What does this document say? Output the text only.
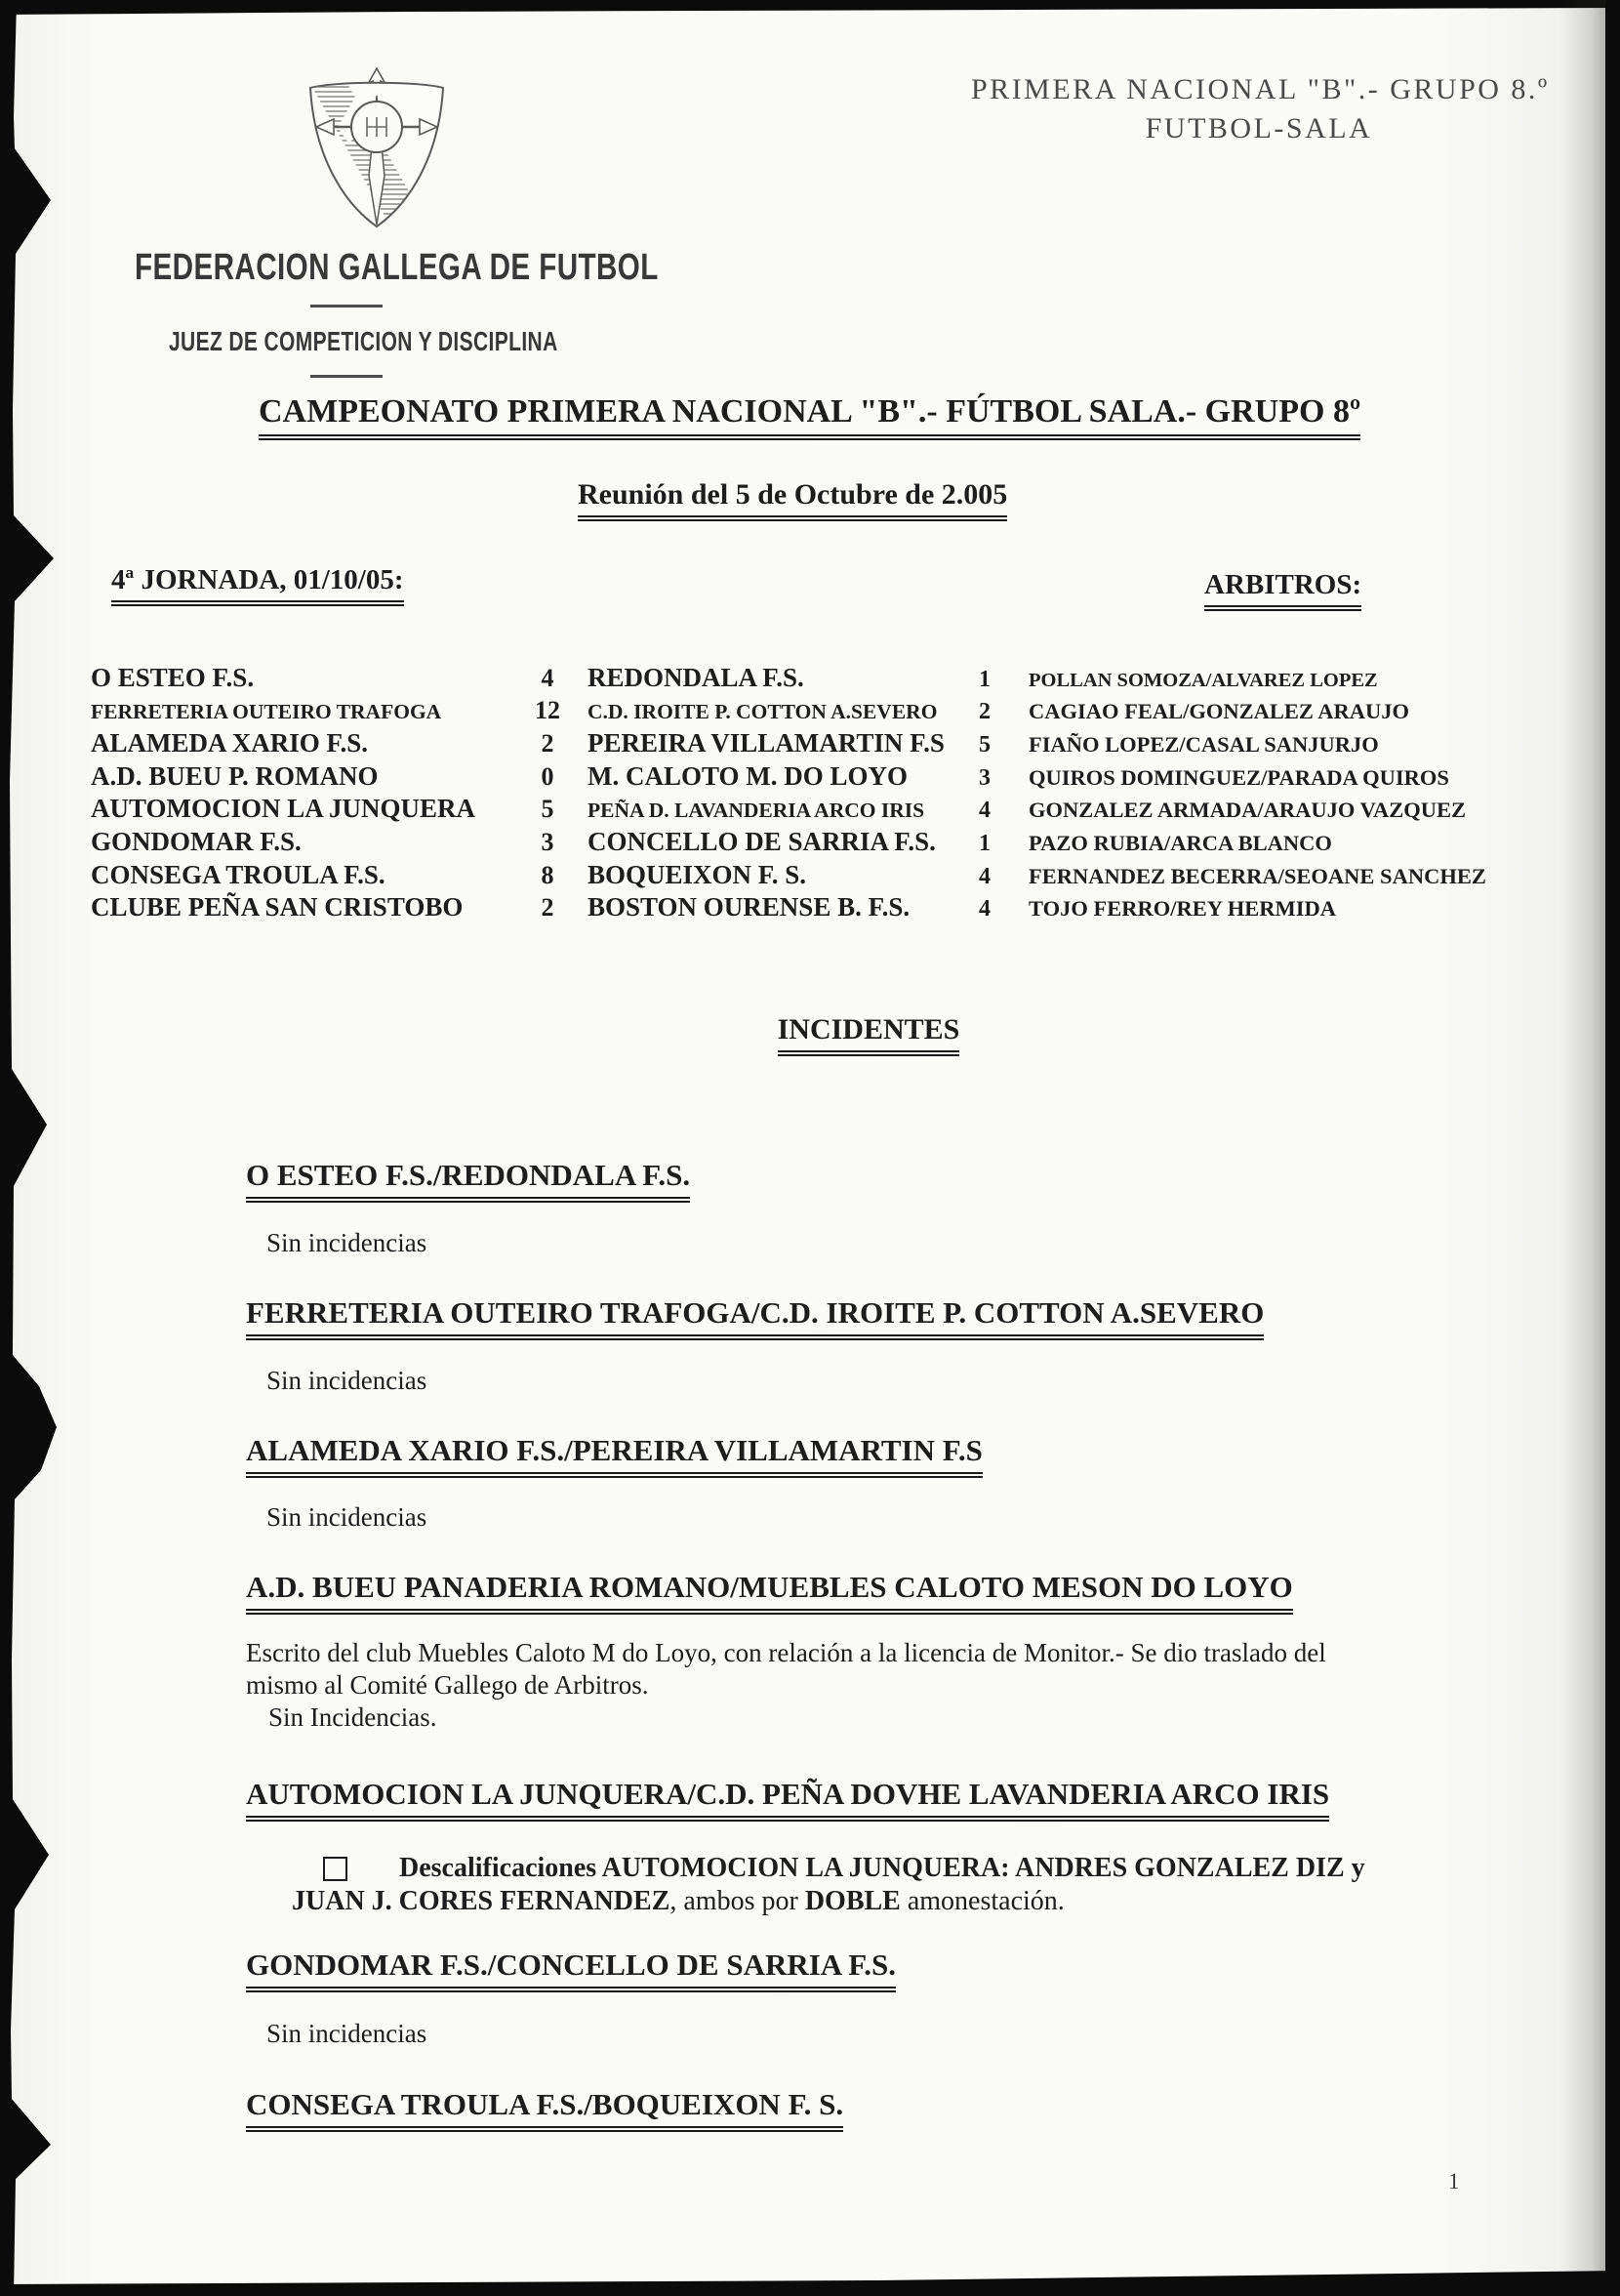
PRIMERA NACIONAL "B".- GRUPO 8.º
FUTBOL-SALA
FEDERACION GALLEGA DE FUTBOL
JUEZ DE COMPETICION Y DISCIPLINA
CAMPEONATO PRIMERA NACIONAL "B".- FÚTBOL SALA.- GRUPO 8º
Reunión del 5 de Octubre de 2.005
4ª JORNADA, 01/10/05:	ARBITROS:
O ESTEO F.S.	4	REDONDALA F.S.	1	POLLAN SOMOZA/ALVAREZ LOPEZ
FERRETERIA OUTEIRO TRAFOGA	12	C.D. IROITE P. COTTON A.SEVERO	2	CAGIAO FEAL/GONZALEZ ARAUJO
ALAMEDA XARIO F.S.	2	PEREIRA VILLAMARTIN F.S	5	FIAÑO LOPEZ/CASAL SANJURJO
A.D. BUEU P. ROMANO	0	M. CALOTO M. DO LOYO	3	QUIROS DOMINGUEZ/PARADA QUIROS
AUTOMOCION LA JUNQUERA	5	PEÑA D. LAVANDERIA ARCO IRIS	4	GONZALEZ ARMADA/ARAUJO VAZQUEZ
GONDOMAR F.S.	3	CONCELLO DE SARRIA F.S.	1	PAZO RUBIA/ARCA BLANCO
CONSEGA TROULA F.S.	8	BOQUEIXON F. S.	4	FERNANDEZ BECERRA/SEOANE SANCHEZ
CLUBE PEÑA SAN CRISTOBO	2	BOSTON OURENSE B. F.S.	4	TOJO FERRO/REY HERMIDA
INCIDENTES
O ESTEO F.S./REDONDALA F.S.
Sin incidencias
FERRETERIA OUTEIRO TRAFOGA/C.D. IROITE P. COTTON A.SEVERO
Sin incidencias
ALAMEDA XARIO F.S./PEREIRA VILLAMARTIN F.S
Sin incidencias
A.D. BUEU PANADERIA ROMANO/MUEBLES CALOTO MESON DO LOYO
Escrito del club Muebles Caloto M do Loyo, con relación a la licencia de Monitor.- Se dio traslado del
mismo al Comité Gallego de Arbitros.
Sin Incidencias.
AUTOMOCION LA JUNQUERA/C.D. PEÑA DOVHE LAVANDERIA ARCO IRIS
Descalificaciones AUTOMOCION LA JUNQUERA: ANDRES GONZALEZ DIZ y
JUAN J. CORES FERNANDEZ, ambos por DOBLE amonestación.
GONDOMAR F.S./CONCELLO DE SARRIA F.S.
Sin incidencias
CONSEGA TROULA F.S./BOQUEIXON F. S.
1
